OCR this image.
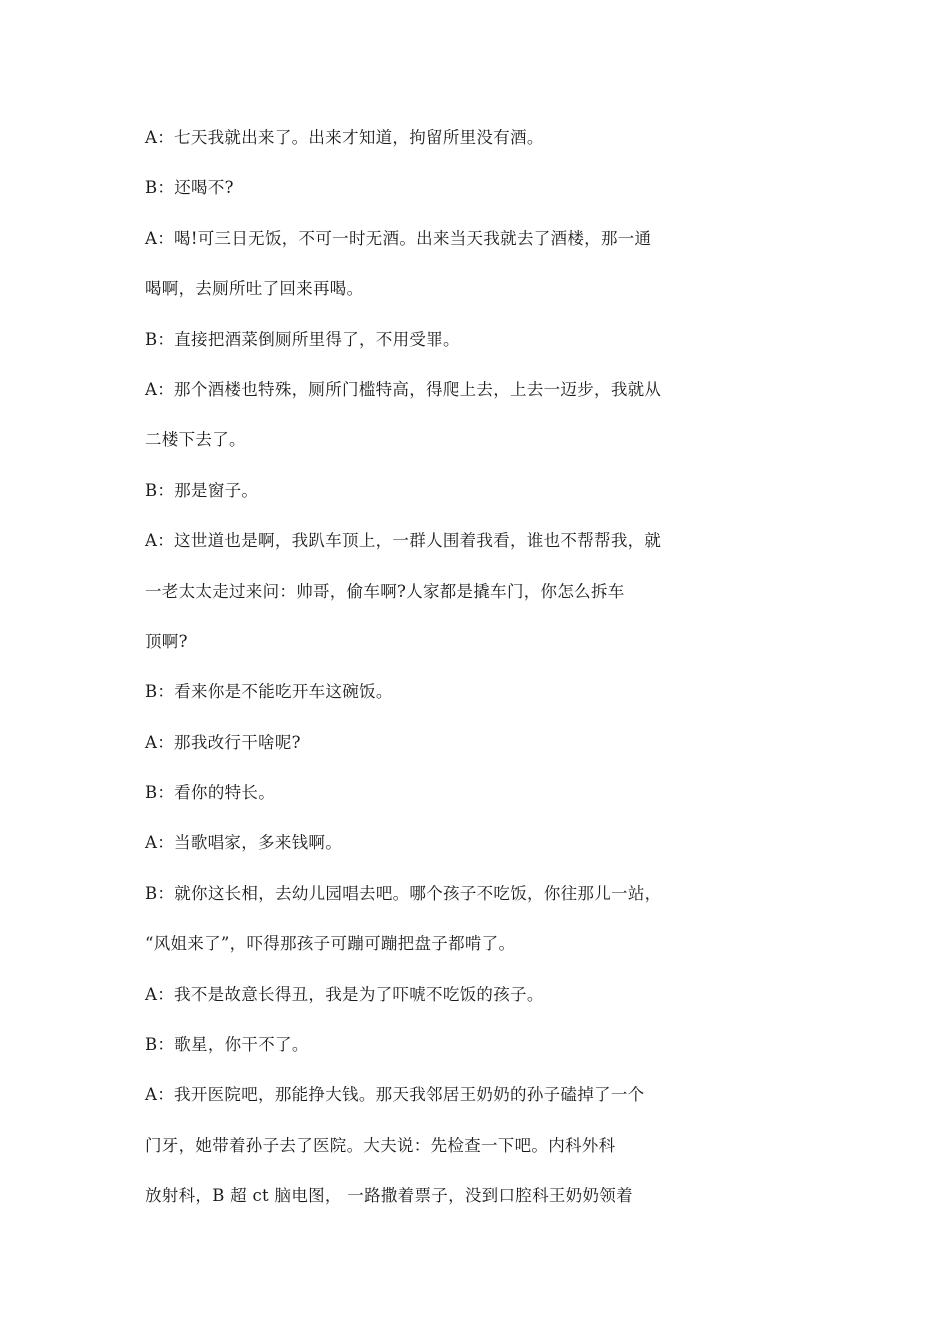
A：七天我就出来了。出来才知道，拘留所里没有酒。
B：还喝不?
A：喝!可三日无饭，不可一时无酒。出来当天我就去了酒楼，那一通
喝啊，去厕所吐了回来再喝。
B：直接把酒菜倒厕所里得了，不用受罪。
A：那个酒楼也特殊，厕所门槛特高，得爬上去，上去一迈步，我就从
二楼下去了。
B：那是窗子。
A：这世道也是啊，我趴车顶上，一群人围着我看，谁也不帮帮我，就
一老太太走过来问：帅哥，偷车啊?人家都是撬车门，你怎么拆车
顶啊?
B：看来你是不能吃开车这碗饭。
A：那我改行干啥呢?
B：看你的特长。
A：当歌唱家，多来钱啊。
B：就你这长相，去幼儿园唱去吧。哪个孩子不吃饭，你往那儿一站，
“风姐来了”，吓得那孩子可蹦可蹦把盘子都啃了。
A：我不是故意长得丑，我是为了吓唬不吃饭的孩子。
B：歌星，你干不了。
A：我开医院吧，那能挣大钱。那天我邻居王奶奶的孙子磕掉了一个
门牙，她带着孙子去了医院。大夫说：先检查一下吧。内科外科
放射科，B 超 ct 脑电图， 一路撒着票子，没到口腔科王奶奶领着
